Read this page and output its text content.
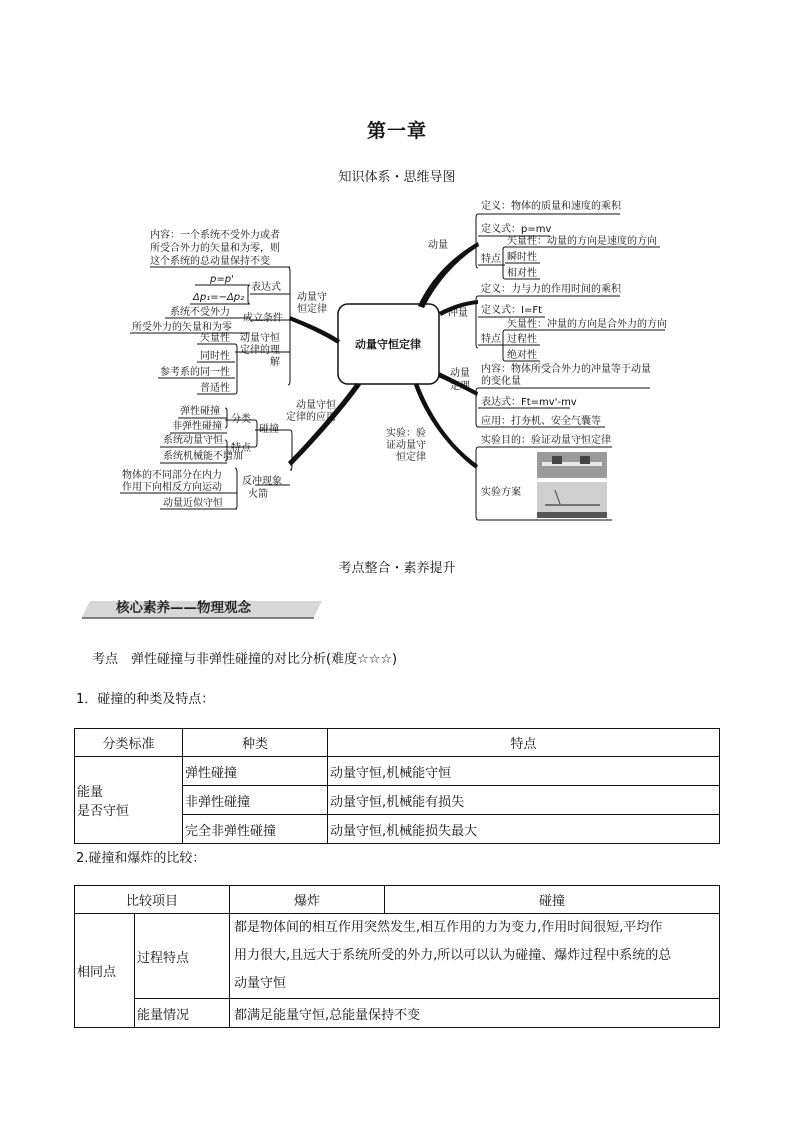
第一章
知识体系・思维导图
动量守恒定律
动量
定义：物体的质量和速度的乘积
定义式：p=mv
特点
矢量性：动量的方向是速度的方向
瞬时性
相对性
冲量
定义：力与力的作用时间的乘积
定义式：I=Ft
特点
矢量性：冲量的方向是合外力的方向
过程性
绝对性
动量
定理
内容：物体所受合外力的冲量等于动量
的变化量
表达式：Ft=mv'-mv
应用：打夯机、安全气囊等
实验：验
证动量守
恒定律
实验目的：验证动量守恒定律
实验方案
内容：一个系统不受外力或者
所受合外力的矢量和为零，则
这个系统的总动量保持不变
动量守
恒定律
表达式
p=p'
Δp₁=−Δp₂
成立条件
系统不受外力
所受外力的矢量和为零
动量守恒
定律的理
解
矢量性
同时性
参考系的同一性
普适性
动量守恒
定律的应用
碰撞
分类
弹性碰撞
非弹性碰撞
特点
系统动量守恒
系统机械能不增加
反冲现象
火箭
物体的不同部分在内力
作用下向相反方向运动
动量近似守恒
考点整合・素养提升
核心素养——物理观念
考点　弹性碰撞与非弹性碰撞的对比分析(难度☆☆☆)
1．碰撞的种类及特点：
分类标准	种类	特点

能量
是否守恒	弹性碰撞	动量守恒,机械能守恒
	非弹性碰撞	动量守恒,机械能有损失
	完全非弹性碰撞	动量守恒,机械能损失最大
2.碰撞和爆炸的比较：
比较项目		爆炸	碰撞
相同点	过程特点	都是物体间的相互作用突然发生,相互作用的力为变力,作用时间很短,平均作
用力很大,且远大于系统所受的外力,所以可以认为碰撞、爆炸过程中系统的总
动量守恒	

	能量情况	都满足能量守恒,总能量保持不变	
